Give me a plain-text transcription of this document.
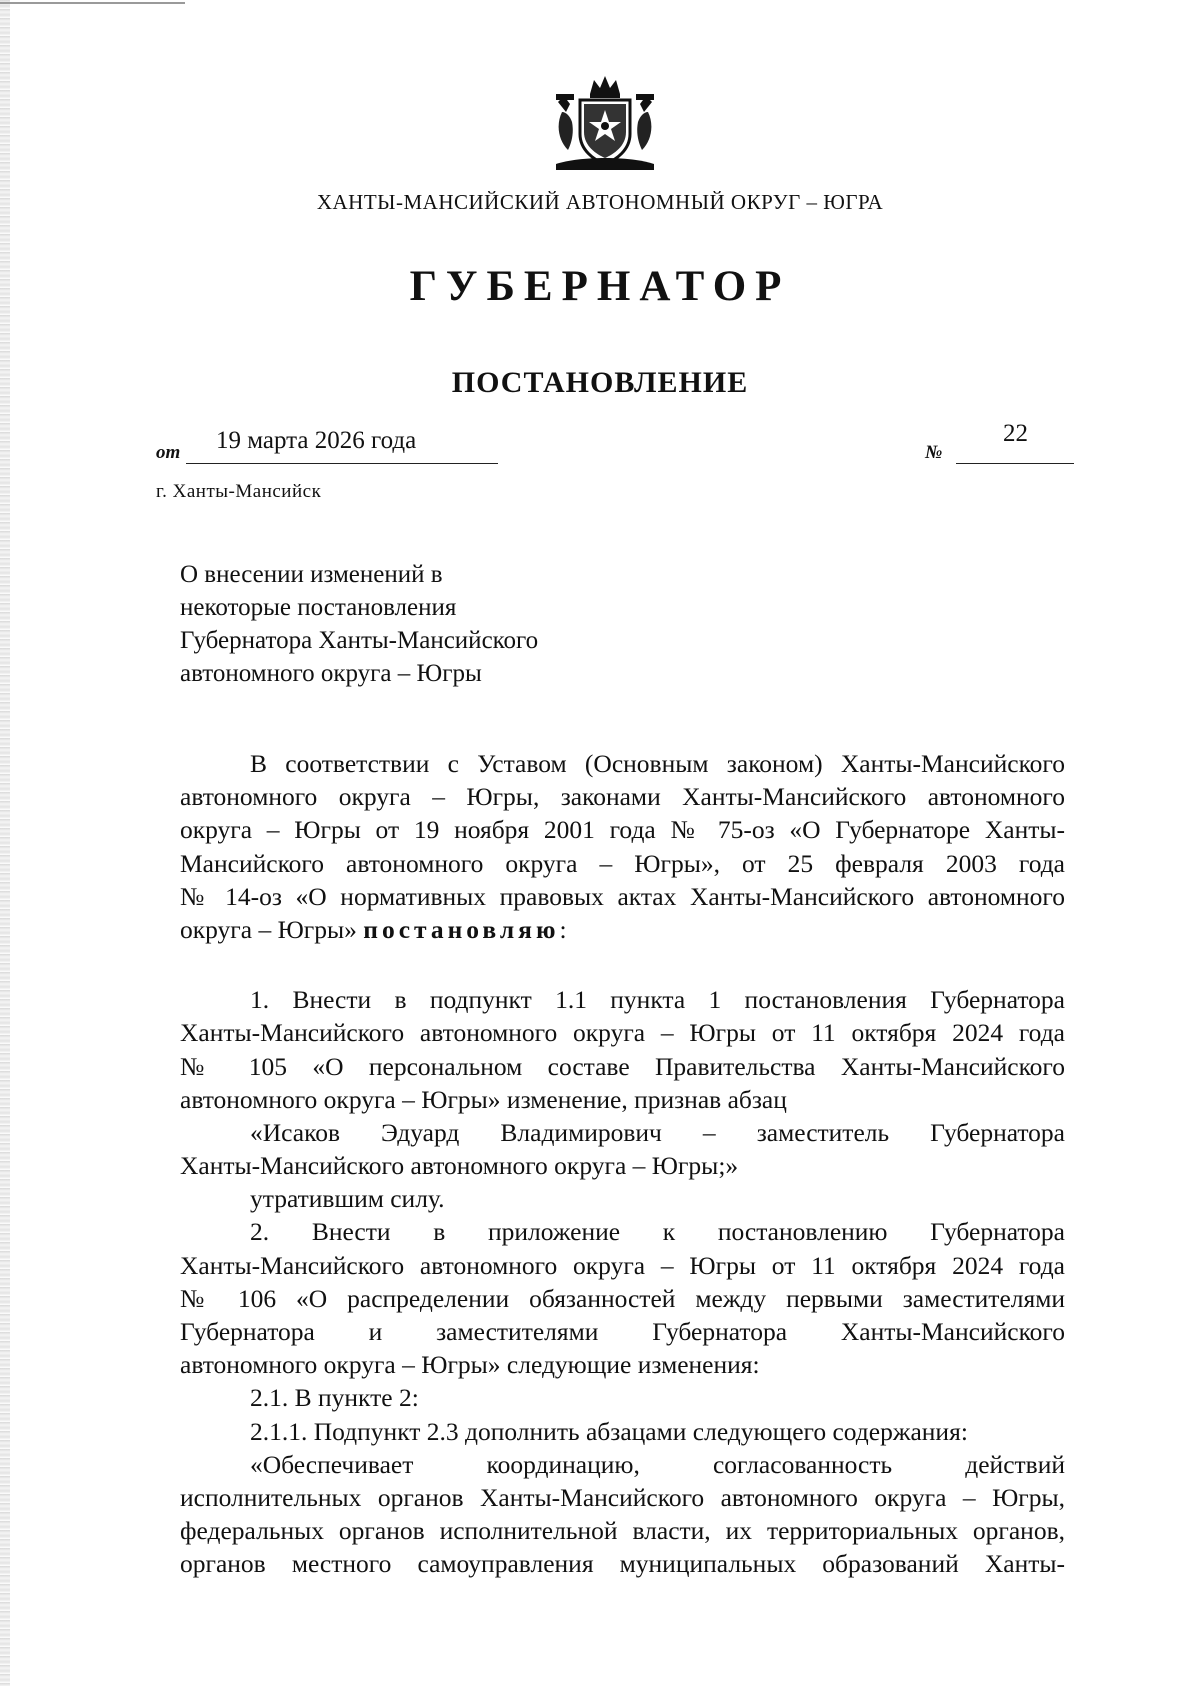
ХАНТЫ-МАНСИЙСКИЙ АВТОНОМНЫЙ ОКРУГ – ЮГРА
ГУБЕРНАТОР
ПОСТАНОВЛЕНИЕ
от 19 марта 2026 года	№
22
г. Ханты-Мансийск
О внесении изменений в
некоторые постановления
Губернатора Ханты-Мансийского
автономного округа – Югры
В соответствии с Уставом (Основным законом) Ханты-Мансийского
автономного округа – Югры, законами Ханты-Мансийского автономного
округа – Югры от 19 ноября 2001 года № 75-оз «О Губернаторе Ханты-
Мансийского автономного округа – Югры», от 25 февраля 2003 года
№ 14-оз «О нормативных правовых актах Ханты-Мансийского автономного
округа – Югры» постановляю:
1. Внести в подпункт 1.1 пункта 1 постановления Губернатора
Ханты-Мансийского автономного округа – Югры от 11 октября 2024 года
№ 105 «О персональном составе Правительства Ханты-Мансийского
автономного округа – Югры» изменение, признав абзац
«Исаков Эдуард Владимирович – заместитель Губернатора
Ханты-Мансийского автономного округа – Югры;»
утратившим силу.
2. Внести в приложение к постановлению Губернатора
Ханты-Мансийского автономного округа – Югры от 11 октября 2024 года
№ 106 «О распределении обязанностей между первыми заместителями
Губернатора и заместителями Губернатора Ханты-Мансийского
автономного округа – Югры» следующие изменения:
2.1. В пункте 2:
2.1.1. Подпункт 2.3 дополнить абзацами следующего содержания:
«Обеспечивает координацию, согласованность действий
исполнительных органов Ханты-Мансийского автономного округа – Югры,
федеральных органов исполнительной власти, их территориальных органов,
органов местного самоуправления муниципальных образований Ханты-
